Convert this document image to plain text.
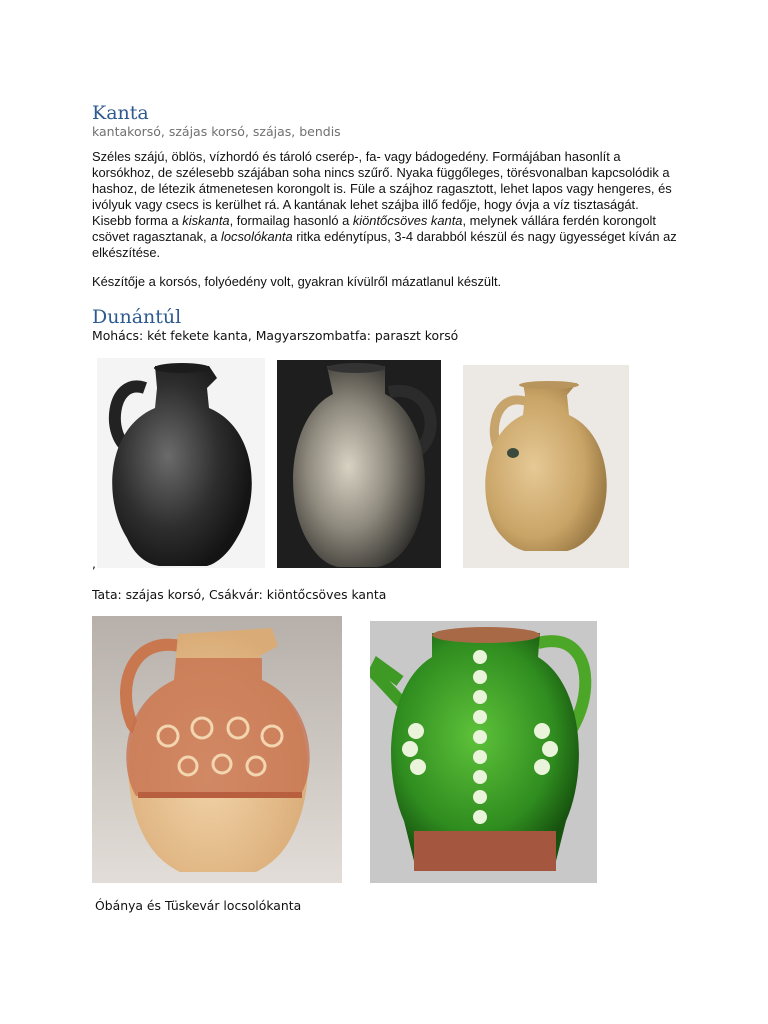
Kanta
kantakorsó, szájas korsó, szájas, bendis

Széles szájú, öblös, vízhordó és tároló cserép-, fa- vagy bádogedény. Formájában hasonlít a

korsókhoz, de szélesebb szájában soha nincs szűrő. Nyaka függőleges, törésvonalban kapcsolódik a

hashoz, de létezik átmenetesen korongolt is. Füle a szájhoz ragasztott, lehet lapos vagy hengeres, és

ivólyuk vagy csecs is kerülhet rá. A kantának lehet szájba illő fedője, hogy óvja a víz tisztaságát.

Kisebb forma a kiskanta, formailag hasonló a kiöntőcsöves kanta, melynek vállára ferdén korongolt

csövet ragasztanak, a locsolókanta ritka edénytípus, 3-4 darabból készül és nagy ügyességet kíván az

elkészítése.

Készítője a korsós, folyóedény volt, gyakran kívülről mázatlanul készült.

Dunántúl
Mohács: két fekete kanta, Magyarszombatfa: paraszt korsó
,
Tata: szájas korsó, Csákvár: kiöntőcsöves kanta
Óbánya és Tüskevár locsolókanta
